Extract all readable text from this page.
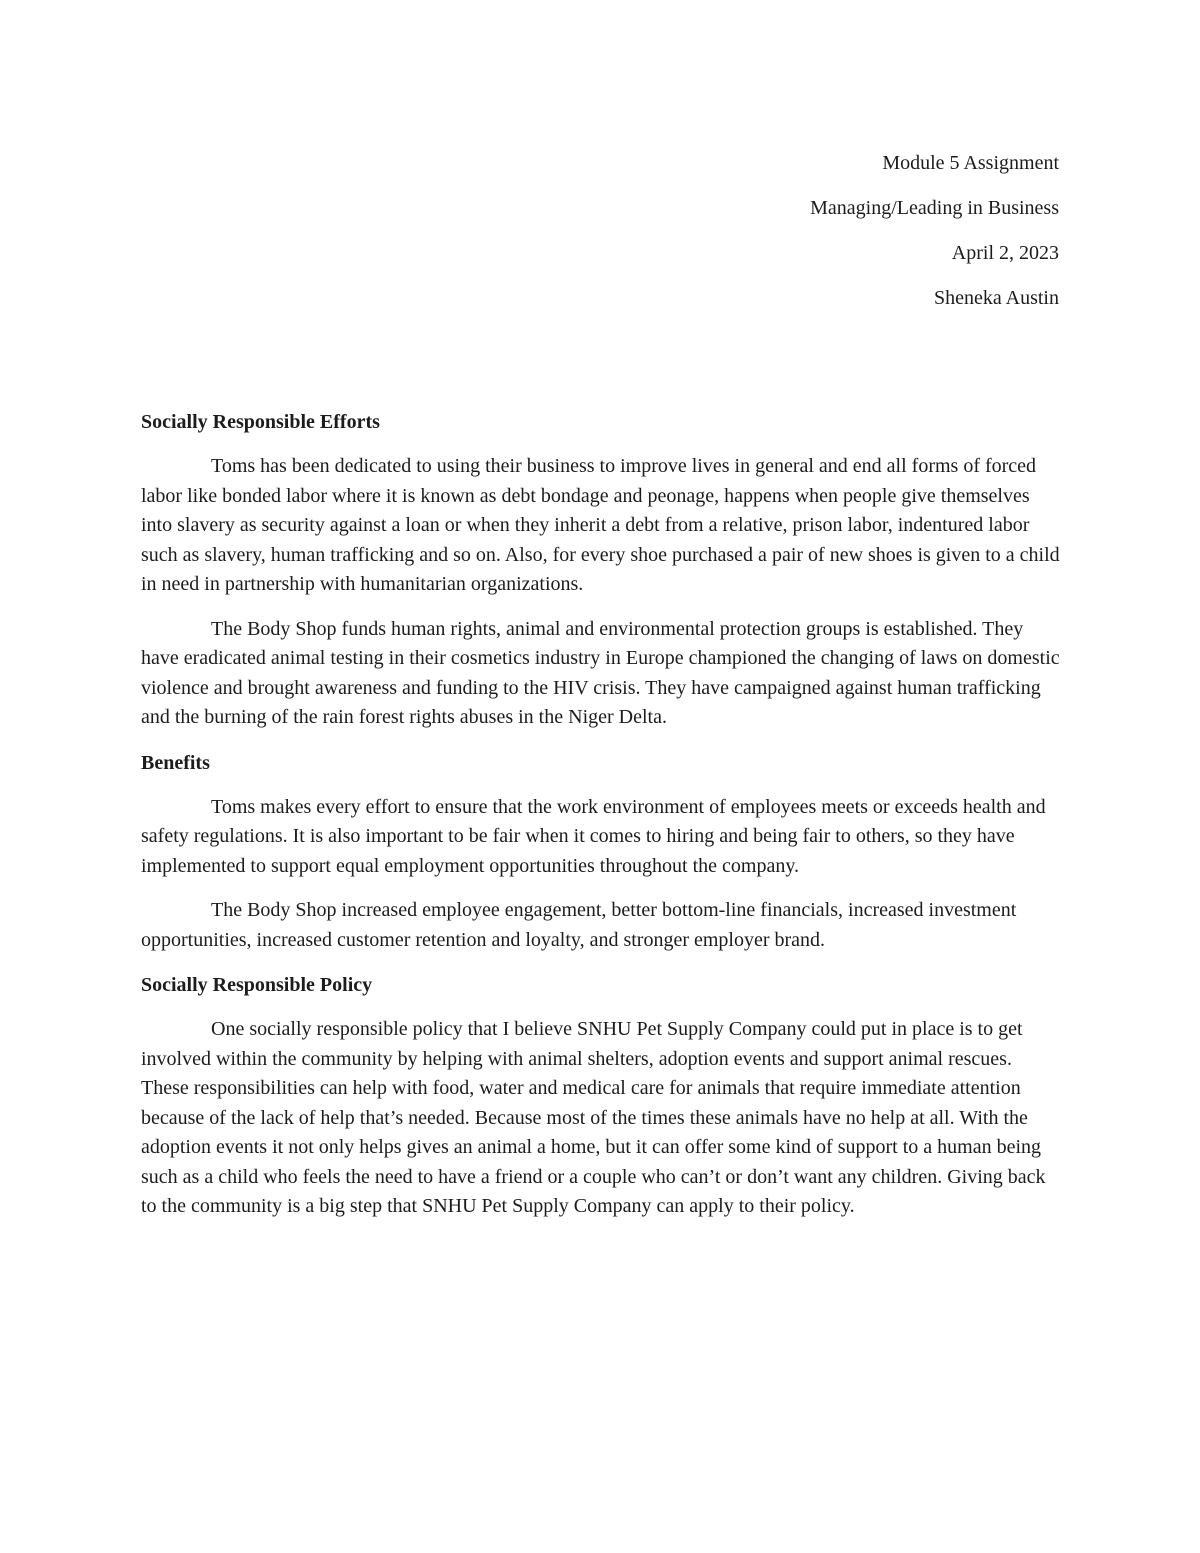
Module 5 Assignment
Managing/Leading in Business
April 2, 2023
Sheneka Austin
Socially Responsible Efforts

Toms has been dedicated to using their business to improve lives in general and end all forms of forced labor like bonded labor where it is known as debt bondage and peonage, happens when people give themselves into slavery as security against a loan or when they inherit a debt from a relative, prison labor, indentured labor such as slavery, human trafficking and so on. Also, for every shoe purchased a pair of new shoes is given to a child in need in partnership with humanitarian organizations.

The Body Shop funds human rights, animal and environmental protection groups is established. They have eradicated animal testing in their cosmetics industry in Europe championed the changing of laws on domestic violence and brought awareness and funding to the HIV crisis. They have campaigned against human trafficking and the burning of the rain forest rights abuses in the Niger Delta.

Benefits

Toms makes every effort to ensure that the work environment of employees meets or exceeds health and safety regulations. It is also important to be fair when it comes to hiring and being fair to others, so they have implemented to support equal employment opportunities throughout the company.

The Body Shop increased employee engagement, better bottom-line financials, increased investment opportunities, increased customer retention and loyalty, and stronger employer brand.

Socially Responsible Policy

One socially responsible policy that I believe SNHU Pet Supply Company could put in place is to get involved within the community by helping with animal shelters, adoption events and support animal rescues. These responsibilities can help with food, water and medical care for animals that require immediate attention because of the lack of help that’s needed. Because most of the times these animals have no help at all. With the adoption events it not only helps gives an animal a home, but it can offer some kind of support to a human being such as a child who feels the need to have a friend or a couple who can’t or don’t want any children. Giving back to the community is a big step that SNHU Pet Supply Company can apply to their policy.
